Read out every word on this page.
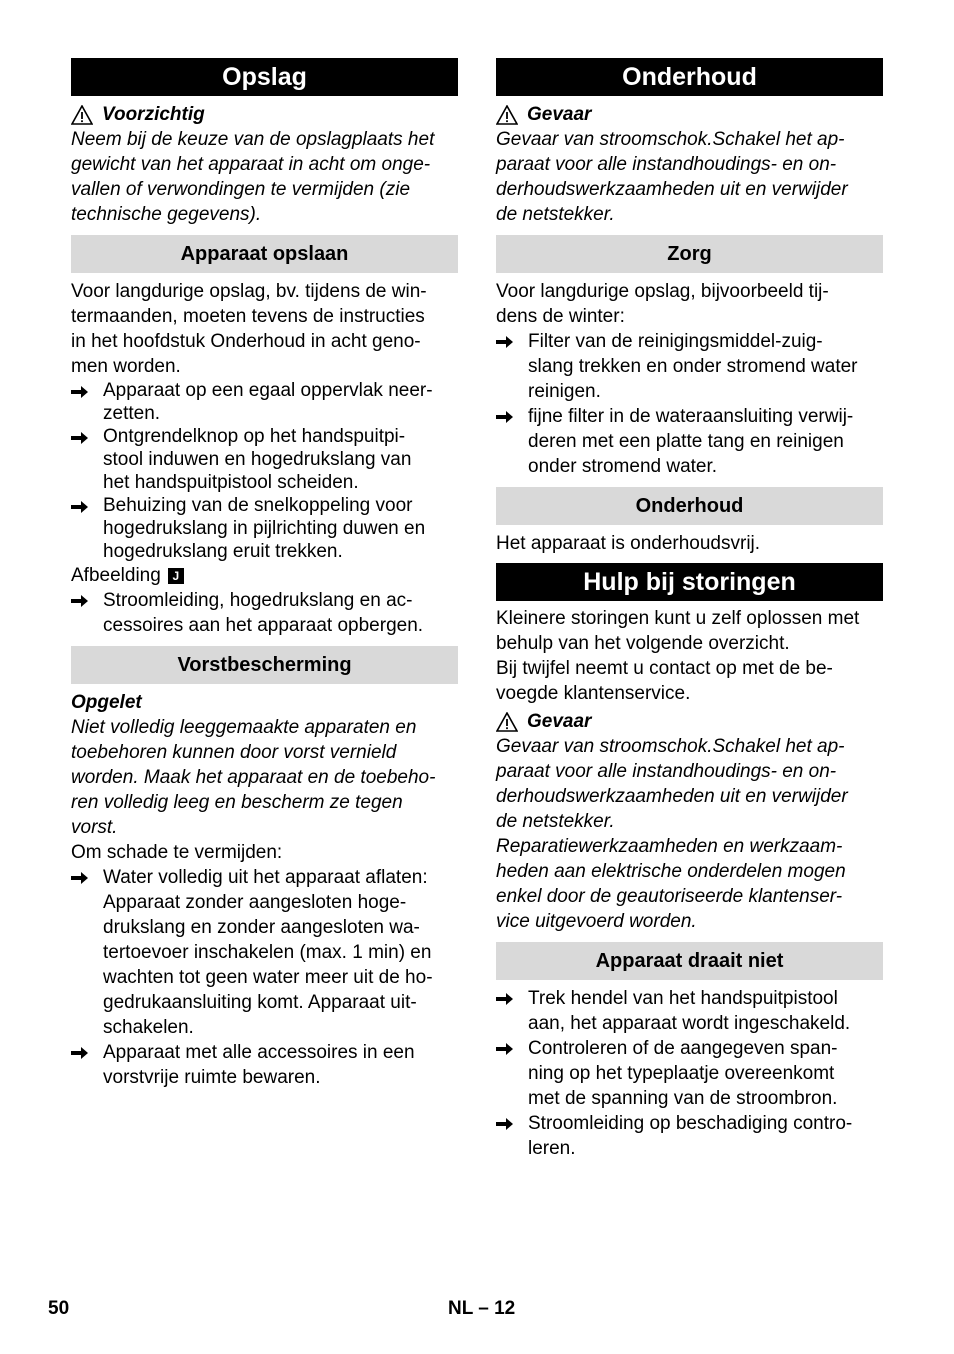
Opslag
Voorzichtig
Neem bij de keuze van de opslagplaats het
gewicht van het apparaat in acht om onge-
vallen of verwondingen te vermijden (zie
technische gegevens).
Apparaat opslaan
Voor langdurige opslag, bv. tijdens de win-
termaanden, moeten tevens de instructies
in het hoofdstuk Onderhoud in acht geno-
men worden.
Apparaat op een egaal oppervlak neer-
zetten.
Ontgrendelknop op het handspuitpi-
stool induwen en hogedrukslang van
het handspuitpistool scheiden.
Behuizing van de snelkoppeling voor
hogedrukslang in pijlrichting duwen en
hogedrukslang eruit trekken.
Afbeelding J
Stroomleiding, hogedrukslang en ac-
cessoires aan het apparaat opbergen.
Vorstbescherming
Opgelet
Niet volledig leeggemaakte apparaten en
toebehoren kunnen door vorst vernield
worden. Maak het apparaat en de toebeho-
ren volledig leeg en bescherm ze tegen
vorst.
Om schade te vermijden:
Water volledig uit het apparaat aflaten:
Apparaat zonder aangesloten hoge-
drukslang en zonder aangesloten wa-
tertoevoer inschakelen (max. 1 min) en
wachten tot geen water meer uit de ho-
gedrukaansluiting komt. Apparaat uit-
schakelen.
Apparaat met alle accessoires in een
vorstvrije ruimte bewaren.
Onderhoud
Gevaar
Gevaar van stroomschok.Schakel het ap-
paraat voor alle instandhoudings- en on-
derhoudswerkzaamheden uit en verwijder
de netstekker.
Zorg
Voor langdurige opslag, bijvoorbeeld tij-
dens de winter:
Filter van de reinigingsmiddel-zuig-
slang trekken en onder stromend water
reinigen.
fijne filter in de wateraansluiting verwij-
deren met een platte tang en reinigen
onder stromend water.
Onderhoud
Het apparaat is onderhoudsvrij.
Hulp bij storingen
Kleinere storingen kunt u zelf oplossen met
behulp van het volgende overzicht.
Bij twijfel neemt u contact op met de be-
voegde klantenservice.
Gevaar
Gevaar van stroomschok.Schakel het ap-
paraat voor alle instandhoudings- en on-
derhoudswerkzaamheden uit en verwijder
de netstekker.
Reparatiewerkzaamheden en werkzaam-
heden aan elektrische onderdelen mogen
enkel door de geautoriseerde klantenser-
vice uitgevoerd worden.
Apparaat draait niet
Trek hendel van het handspuitpistool
aan, het apparaat wordt ingeschakeld.
Controleren of de aangegeven span-
ning op het typeplaatje overeenkomt
met de spanning van de stroombron.
Stroomleiding op beschadiging contro-
leren.
50	NL – 12
